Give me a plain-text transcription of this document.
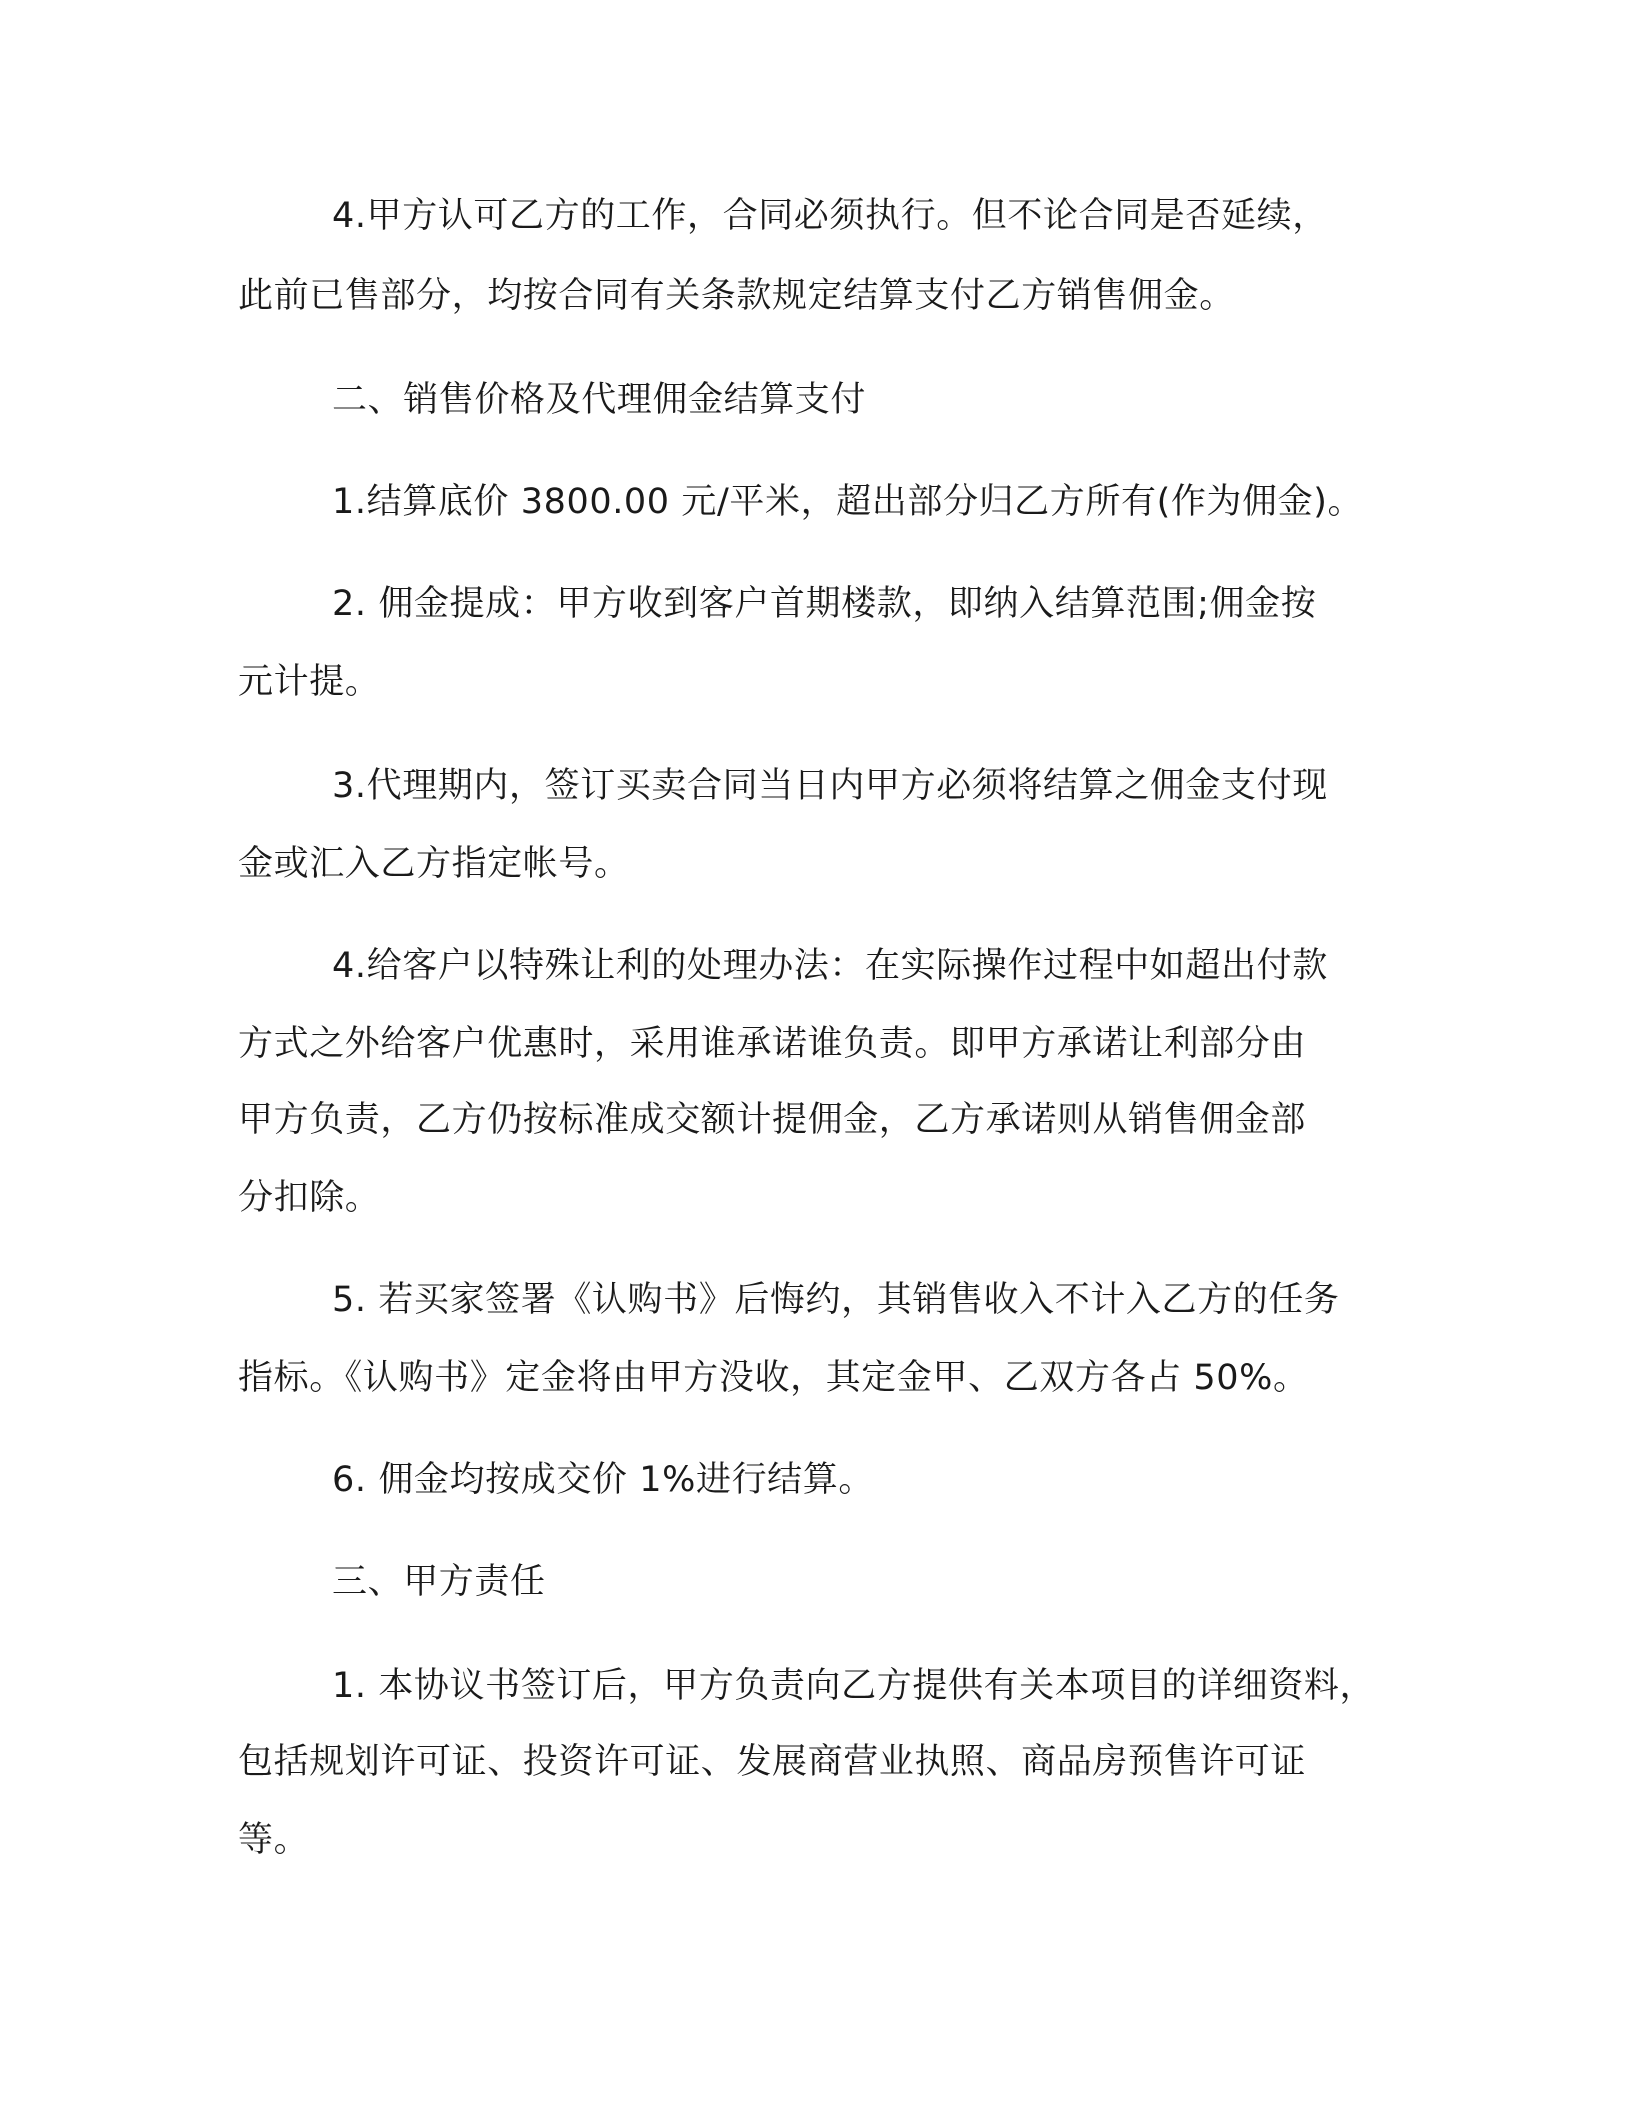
4.甲方认可乙方的工作，合同必须执行。但不论合同是否延续，
此前已售部分，均按合同有关条款规定结算支付乙方销售佣金。
二、销售价格及代理佣金结算支付
1.结算底价 3800.00 元/平米，超出部分归乙方所有(作为佣金)。
2. 佣金提成：甲方收到客户首期楼款，即纳入结算范围;佣金按
元计提。
3.代理期内，签订买卖合同当日内甲方必须将结算之佣金支付现
金或汇入乙方指定帐号。
4.给客户以特殊让利的处理办法：在实际操作过程中如超出付款
方式之外给客户优惠时，采用谁承诺谁负责。即甲方承诺让利部分由
甲方负责，乙方仍按标准成交额计提佣金，乙方承诺则从销售佣金部
分扣除。
5. 若买家签署《认购书》后悔约，其销售收入不计入乙方的任务
指标。《认购书》定金将由甲方没收，其定金甲、乙双方各占 50%。
6. 佣金均按成交价 1%进行结算。
三、甲方责任
1. 本协议书签订后，甲方负责向乙方提供有关本项目的详细资料，
包括规划许可证、投资许可证、发展商营业执照、商品房预售许可证
等。
